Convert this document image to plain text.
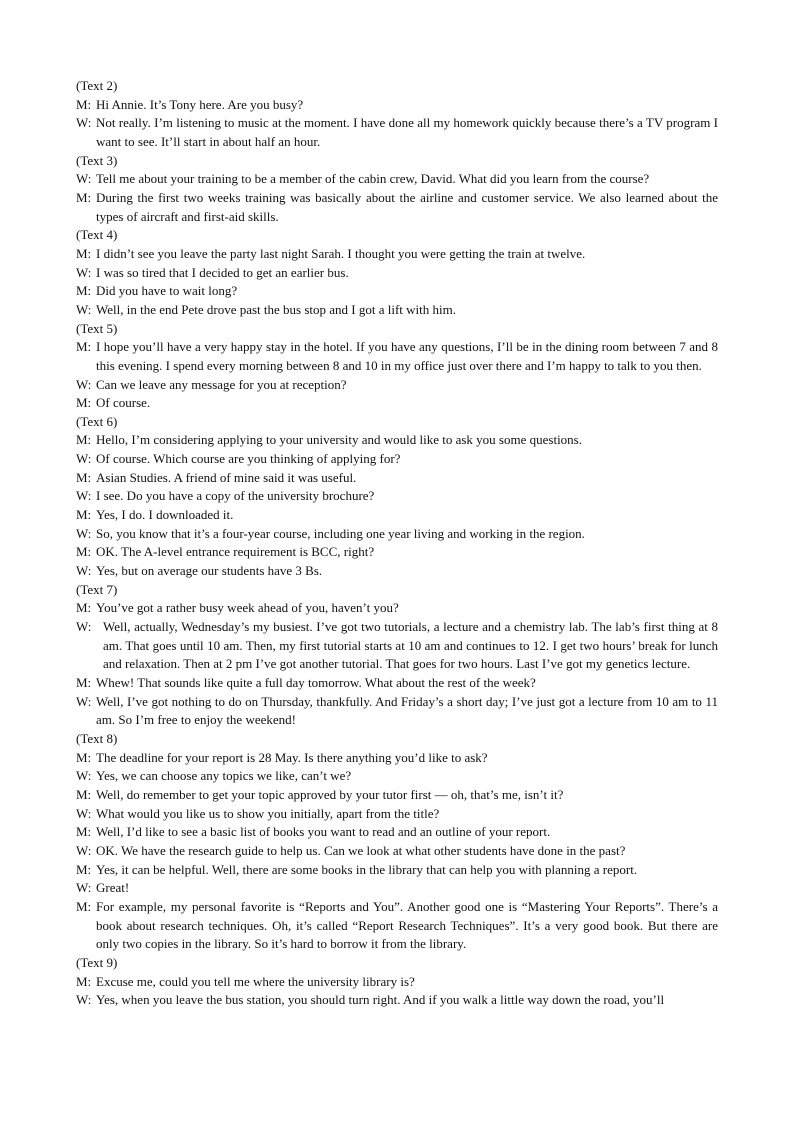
(Text 2)
M: Hi Annie. It’s Tony here. Are you busy?
W: Not really. I’m listening to music at the moment. I have done all my homework quickly because there’s a TV program I want to see. It’ll start in about half an hour.
(Text 3)
W: Tell me about your training to be a member of the cabin crew, David. What did you learn from the course?
M: During the first two weeks training was basically about the airline and customer service. We also learned about the types of aircraft and first-aid skills.
(Text 4)
M: I didn’t see you leave the party last night Sarah. I thought you were getting the train at twelve.
W: I was so tired that I decided to get an earlier bus.
M: Did you have to wait long?
W: Well, in the end Pete drove past the bus stop and I got a lift with him.
(Text 5)
M: I hope you’ll have a very happy stay in the hotel. If you have any questions, I’ll be in the dining room between 7 and 8 this evening. I spend every morning between 8 and 10 in my office just over there and I’m happy to talk to you then.
W: Can we leave any message for you at reception?
M: Of course.
(Text 6)
M: Hello, I’m considering applying to your university and would like to ask you some questions.
W: Of course. Which course are you thinking of applying for?
M: Asian Studies. A friend of mine said it was useful.
W: I see. Do you have a copy of the university brochure?
M: Yes, I do. I downloaded it.
W: So, you know that it’s a four-year course, including one year living and working in the region.
M: OK. The A-level entrance requirement is BCC, right?
W: Yes, but on average our students have 3 Bs.
(Text 7)
M: You’ve got a rather busy week ahead of you, haven’t you?
W: Well, actually, Wednesday’s my busiest. I’ve got two tutorials, a lecture and a chemistry lab. The lab’s first thing at 8 am. That goes until 10 am. Then, my first tutorial starts at 10 am and continues to 12. I get two hours’ break for lunch and relaxation. Then at 2 pm I’ve got another tutorial. That goes for two hours. Last I’ve got my genetics lecture.
M: Whew! That sounds like quite a full day tomorrow. What about the rest of the week?
W: Well, I’ve got nothing to do on Thursday, thankfully. And Friday’s a short day; I’ve just got a lecture from 10 am to 11 am. So I’m free to enjoy the weekend!
(Text 8)
M: The deadline for your report is 28 May. Is there anything you’d like to ask?
W: Yes, we can choose any topics we like, can’t we?
M: Well, do remember to get your topic approved by your tutor first — oh, that’s me, isn’t it?
W: What would you like us to show you initially, apart from the title?
M: Well, I’d like to see a basic list of books you want to read and an outline of your report.
W: OK. We have the research guide to help us. Can we look at what other students have done in the past?
M: Yes, it can be helpful. Well, there are some books in the library that can help you with planning a report.
W: Great!
M: For example, my personal favorite is “Reports and You”. Another good one is “Mastering Your Reports”. There’s a book about research techniques. Oh, it’s called “Report Research Techniques”. It’s a very good book. But there are only two copies in the library. So it’s hard to borrow it from the library.
(Text 9)
M: Excuse me, could you tell me where the university library is?
W: Yes, when you leave the bus station, you should turn right. And if you walk a little way down the road, you’ll
